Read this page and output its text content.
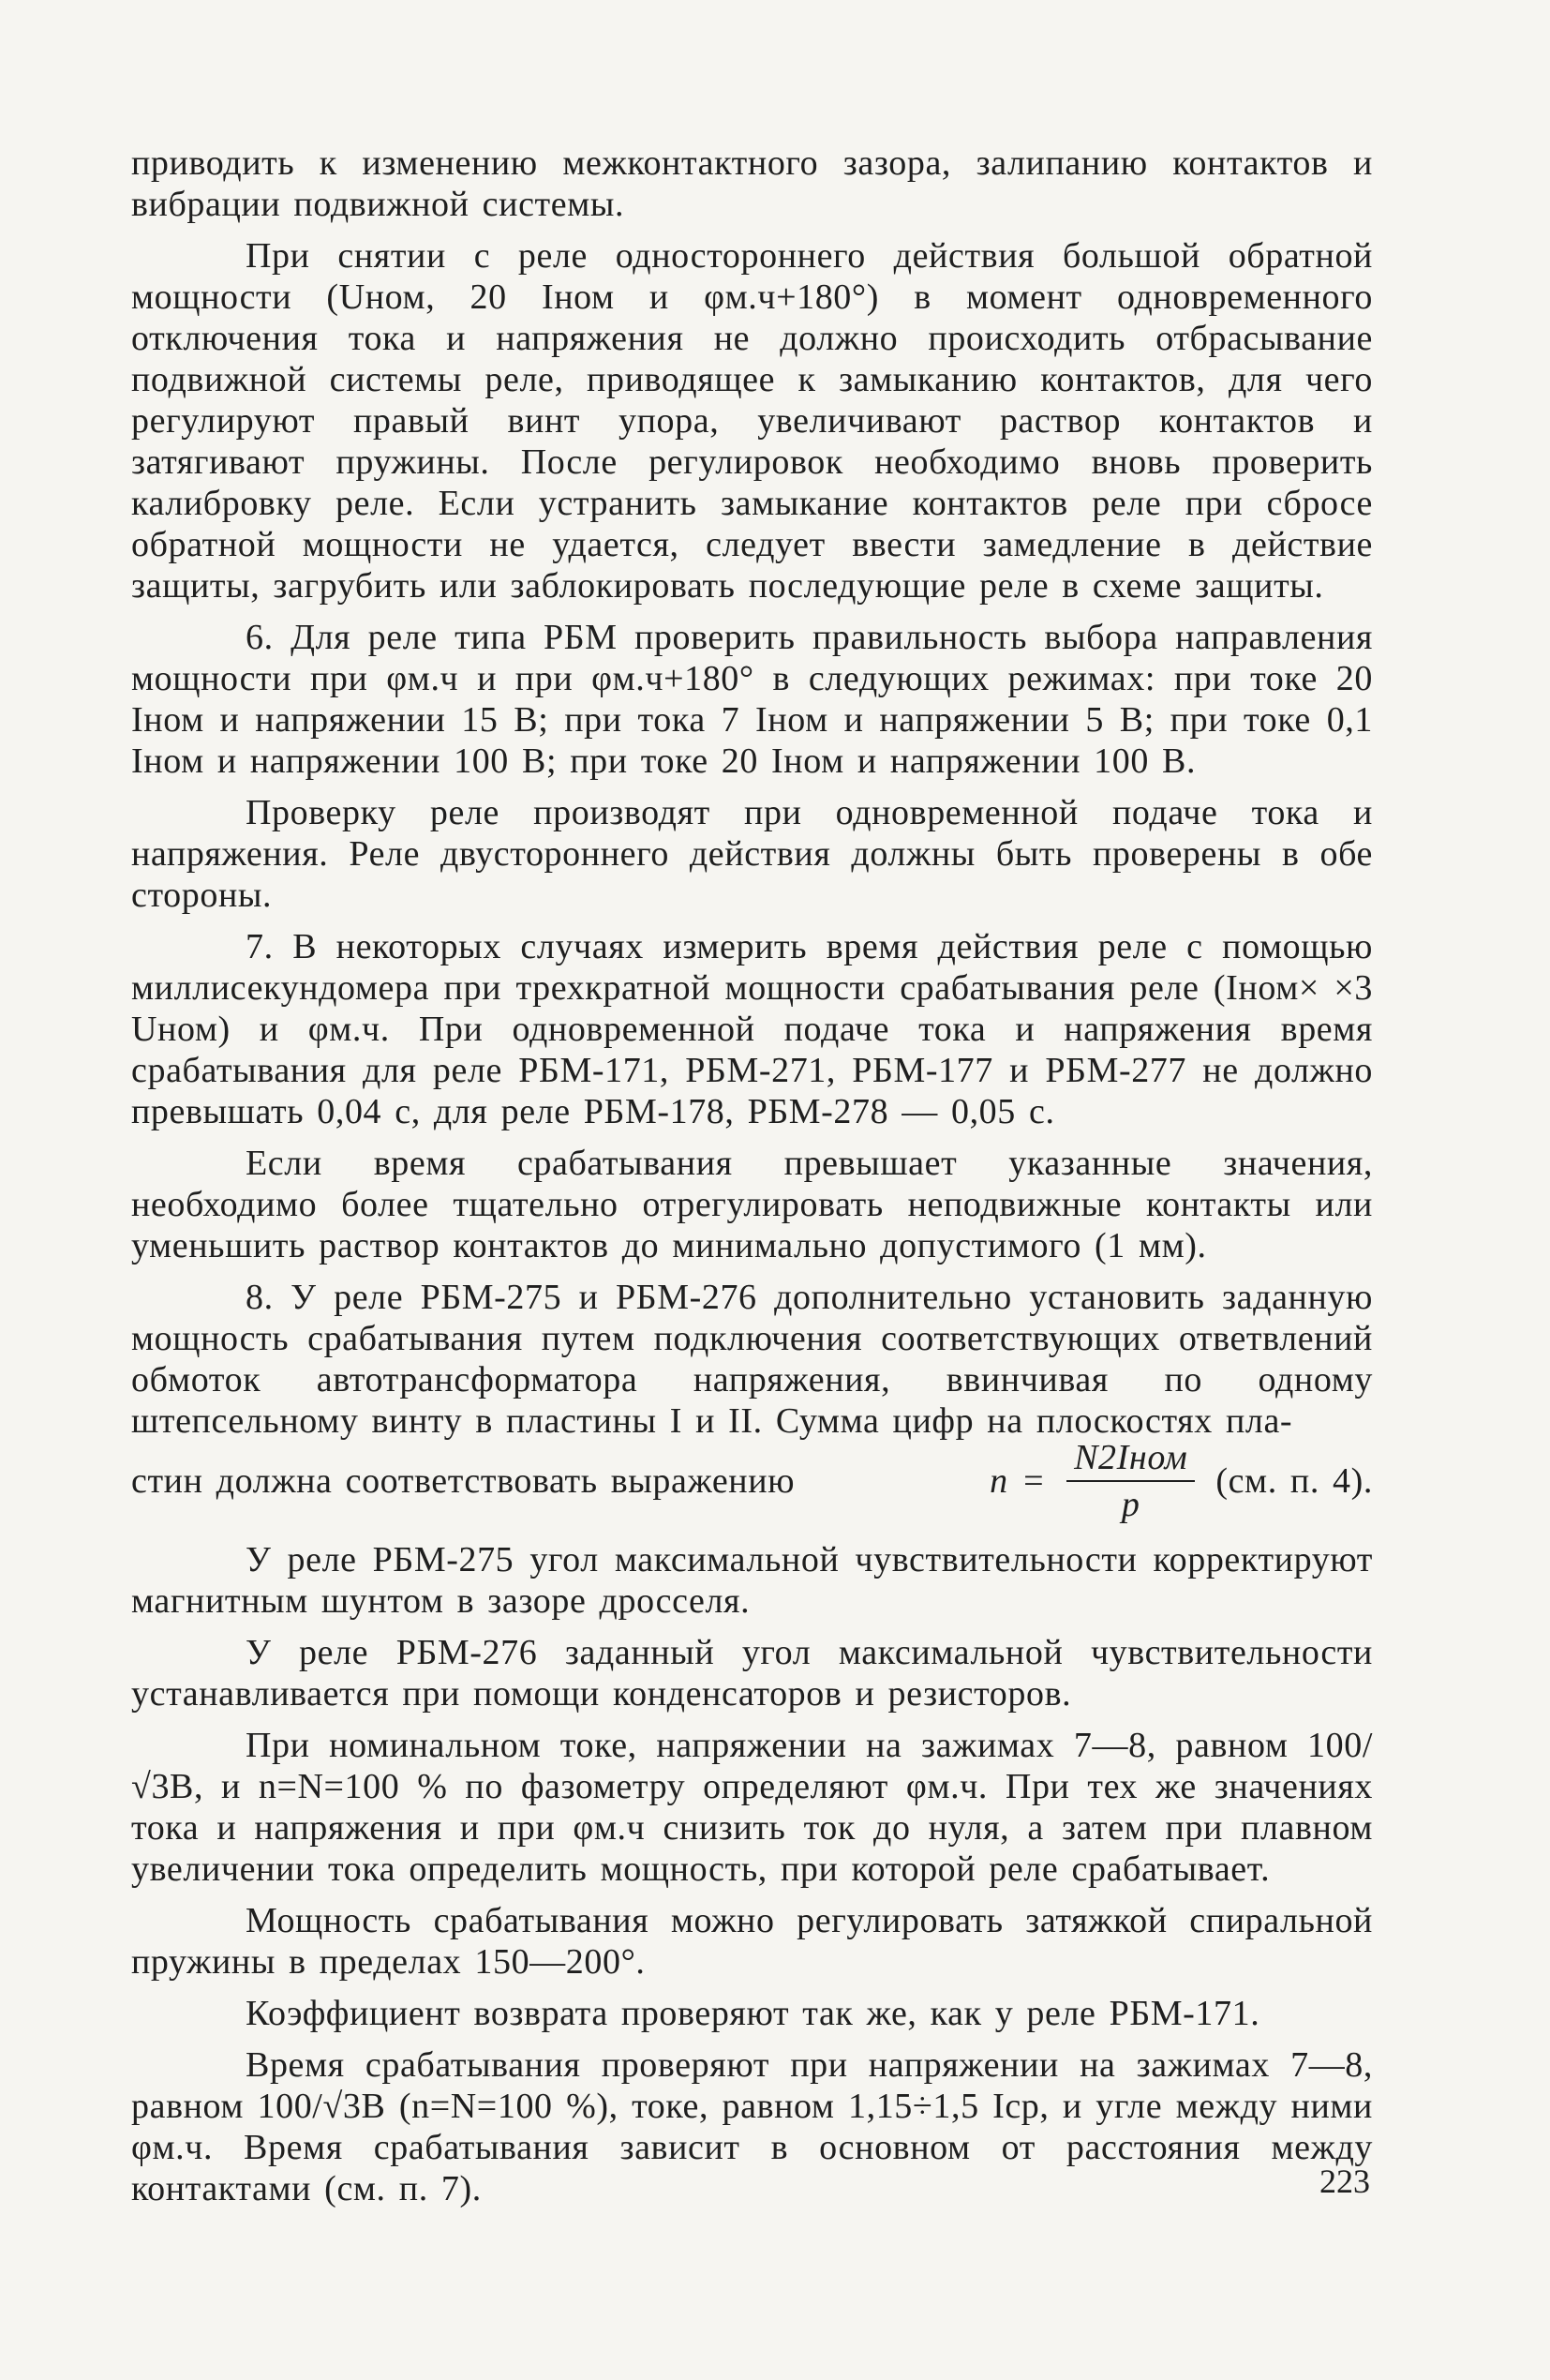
приводить к изменению межконтактного зазора, залипанию контактов и вибрации подвижной системы.

При снятии с реле одностороннего действия большой обратной мощности (Uном, 20 Iном и φм.ч+180°) в момент одновременного отключения тока и напряжения не должно происходить отбрасывание подвижной системы реле, приводящее к замыканию контактов, для чего регулируют правый винт упора, увеличивают раствор контактов и затягивают пружины. После регулировок необходимо вновь проверить калибровку реле. Если устранить замыкание контактов реле при сбросе обратной мощности не удается, следует ввести замедление в действие защиты, загрубить или заблокировать последующие реле в схеме защиты.

6. Для реле типа РБМ проверить правильность выбора направления мощности при φм.ч и при φм.ч+180° в следующих режимах: при токе 20 Iном и напряжении 15 В; при тока 7 Iном и напряжении 5 В; при токе 0,1 Iном и напряжении 100 В; при токе 20 Iном и напряжении 100 В.

Проверку реле производят при одновременной подаче тока и напряжения. Реле двустороннего действия должны быть проверены в обе стороны.

7. В некоторых случаях измерить время действия реле с помощью миллисекундомера при трехкратной мощности срабатывания реле (Iном× ×3 Uном) и φм.ч. При одновременной подаче тока и напряжения время срабатывания для реле РБМ-171, РБМ-271, РБМ-177 и РБМ-277 не должно превышать 0,04 с, для реле РБМ-178, РБМ-278 — 0,05 с.

Если время срабатывания превышает указанные значения, необходимо более тщательно отрегулировать неподвижные контакты или уменьшить раствор контактов до минимально допустимого (1 мм).

8. У реле РБМ-275 и РБМ-276 дополнительно установить заданную мощность срабатывания путем подключения соответствующих ответвлений обмоток автотрансформатора напряжения, ввинчивая по одному штепсельному винту в пластины I и II. Сумма цифр на плоскостях пла-

стин должна соответствовать выражению	$n = \frac{\text{N2Iном}}{p} (см$. п. 4).

У реле РБМ-275 угол максимальной чувствительности корректируют магнитным шунтом в зазоре дросселя.

У реле РБМ-276 заданный угол максимальной чувствительности устанавливается при помощи конденсаторов и резисторов.

При номинальном токе, напряжении на зажимах 7—8, равном 100/√3В, и n=N=100 % по фазометру определяют φм.ч. При тех же значениях тока и напряжения и при φм.ч снизить ток до нуля, а затем при плавном увеличении тока определить мощность, при которой реле срабатывает.

Мощность срабатывания можно регулировать затяжкой спиральной пружины в пределах 150—200°.

Коэффициент возврата проверяют так же, как у реле РБМ-171.

Время срабатывания проверяют при напряжении на зажимах 7—8, равном 100/√3В (n=N=100 %), токе, равном 1,15÷1,5 Iср, и угле между ними φм.ч. Время срабатывания зависит в основном от расстояния между контактами (см. п. 7).	223
